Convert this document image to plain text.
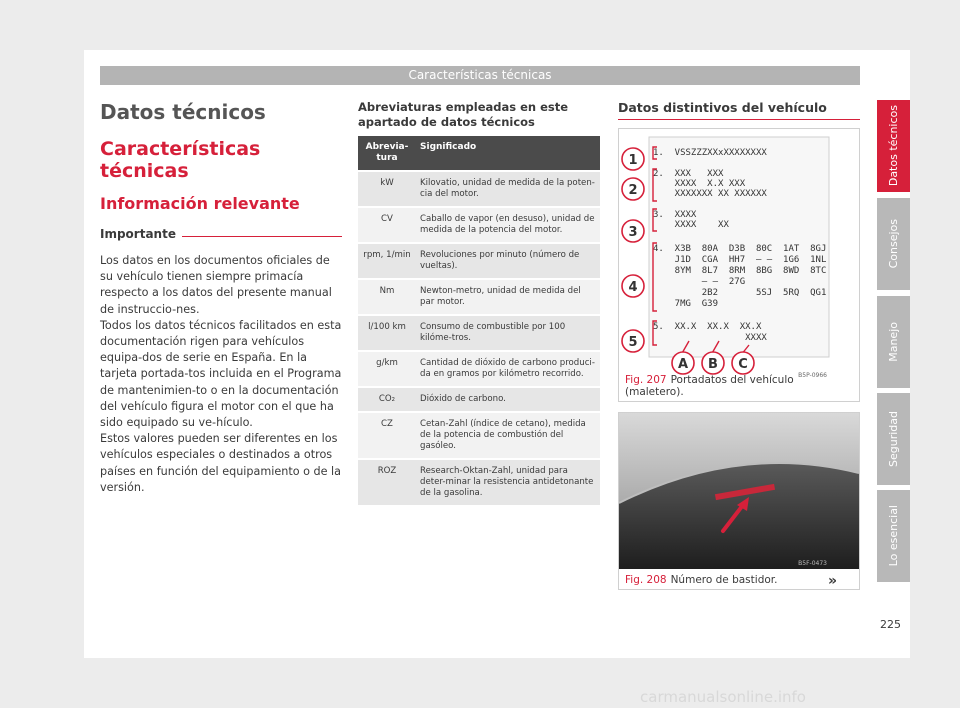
Características técnicas
Datos técnicos
Características técnicas
Información relevante
Importante

Los datos en los documentos oficiales de su vehículo tienen siempre primacía respecto a los datos del presente manual de instruccio-nes.

Todos los datos técnicos facilitados en esta documentación rigen para vehículos equipa-dos de serie en España. En la tarjeta portada-tos incluida en el Programa de mantenimien-to o en la documentación del vehículo figura el motor con el que ha sido equipado su ve-hículo.

Estos valores pueden ser diferentes en los vehículos especiales o destinados a otros países en función del equipamiento o de la versión.

Abreviaturas empleadas en este apartado de datos técnicos
Abrevia-tura	Significado
kW	Kilovatio, unidad de medida de la poten-cia del motor.
CV	Caballo de vapor (en desuso), unidad de medida de la potencia del motor.
rpm, 1/min	Revoluciones por minuto (número de vueltas).
Nm	Newton-metro, unidad de medida del par motor.
l/100 km	Consumo de combustible por 100 kilóme-tros.
g/km	Cantidad de dióxido de carbono produci-da en gramos por kilómetro recorrido.
CO₂	Dióxido de carbono.
CZ	Cetan-Zahl (índice de cetano), medida de la potencia de combustión del gasóleo.
ROZ	Research-Oktan-Zahl, unidad para deter-minar la resistencia antidetonante de la gasolina.
Datos distintivos del vehículo
1.  VSSZZZXXxXXXXXXXX
2.  XXX   XXX
XXXX  X.X XXX
XXXXXXX XX XXXXXX
3.  XXXX
XXXX    XX
4.  X3B  80A  D3B  80C  1AT  8GJ
J1D  CGA  HH7  – –  1G6  1NL
8YM  8L7  8RM  8BG  8WD  8TC
– –  27G
2B2       5SJ  5RQ  QG1
7MG  G39
5.  XX.X  XX.X  XX.X
XXXX
1
2
3
4
5
A B C
B5P-0966
Fig. 207 Portadatos del vehículo (maletero).
B5F-0473
Fig. 208 Número de bastidor.	»
Datos técnicos
Consejos
Manejo
Seguridad
Lo esencial
225
carmanualsonline.info
